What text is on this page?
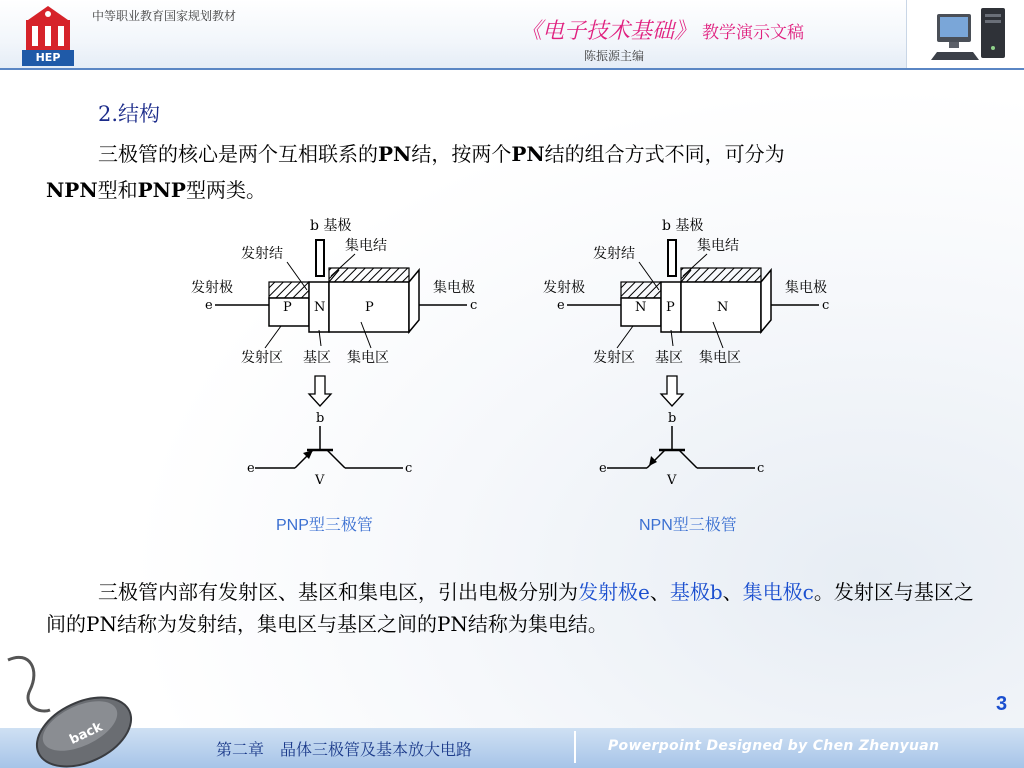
HEP
中等职业教育国家规划教材
《电子技术基础》 教学演示文稿
陈振源主编
2.结构
三极管的核心是两个互相联系的PN结，按两个PN结的组合方式不同，可分为
NPN型和PNP型两类。
b 基极
发射结	集电结
发射极	集电极
e	c
P N	P
发射区 基区 集电区
b
e	c
V
PNP型三极管
b 基极
发射结	集电结
发射极	集电极
e	c
N P	N
发射区 基区 集电区
b
e	c
V
NPN型三极管
三极管内部有发射区、基区和集电区，引出电极分别为发射极e、基极b、集电极c。发射区与基区之间的PN结称为发射结，集电区与基区之间的PN结称为集电结。
3
第二章　晶体三极管及基本放大电路	Powerpoint Designed by Chen Zhenyuan
back
